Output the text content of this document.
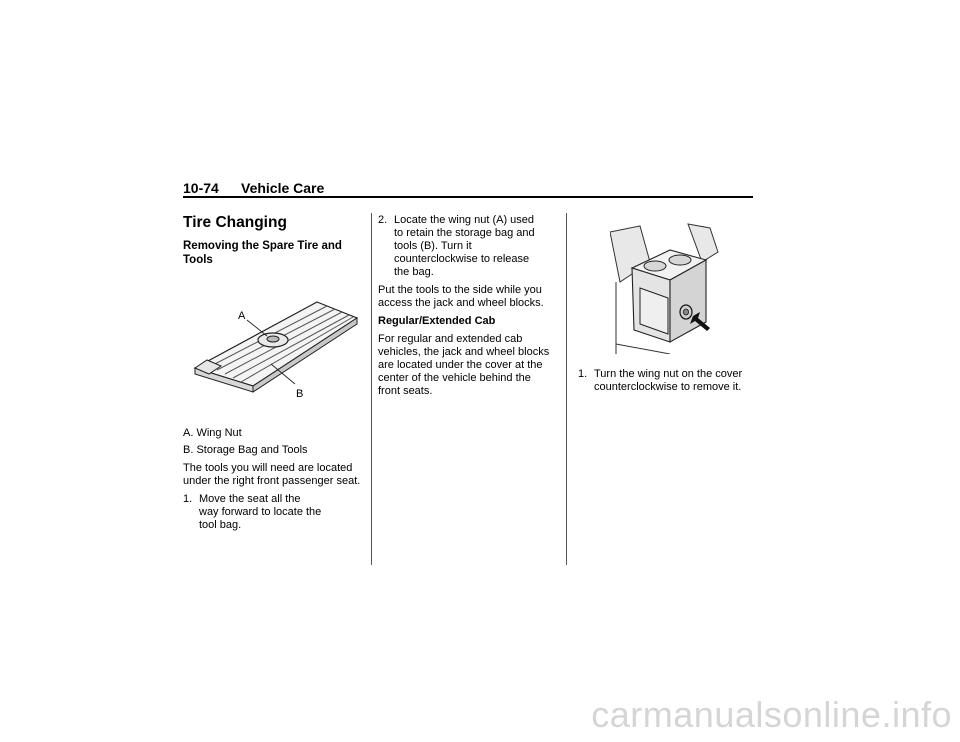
10-74 Vehicle Care

Tire Changing

Removing the Spare Tire and

Tools

A
B

A. Wing Nut

B. Storage Bag and Tools

The tools you will need are located

under the right front passenger seat.

1. Move the seat all the

way forward to locate the

tool bag.

2. Locate the wing nut (A) used

to retain the storage bag and

tools (B). Turn it

counterclockwise to release

the bag.

Put the tools to the side while you

access the jack and wheel blocks.

Regular/Extended Cab

For regular and extended cab

vehicles, the jack and wheel blocks

are located under the cover at the

center of the vehicle behind the

front seats.

1. Turn the wing nut on the cover

counterclockwise to remove it.

carmanualsonline.info
